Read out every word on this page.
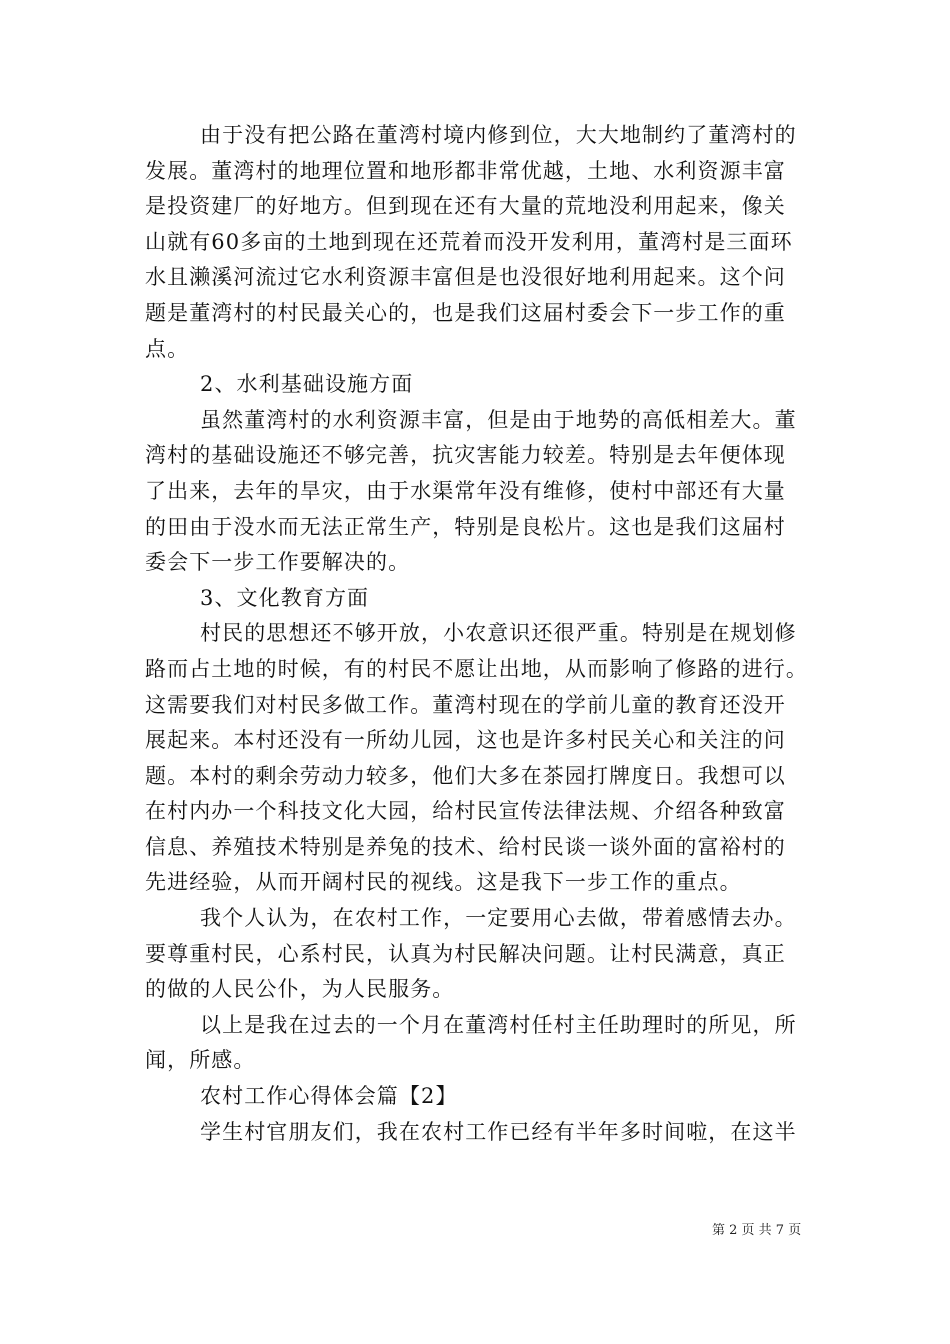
由于没有把公路在董湾村境内修到位，大大地制约了董湾村的
发展。董湾村的地理位置和地形都非常优越，土地、水利资源丰富
是投资建厂的好地方。但到现在还有大量的荒地没利用起来，像关
山就有60多亩的土地到现在还荒着而没开发利用，董湾村是三面环
水且濑溪河流过它水利资源丰富但是也没很好地利用起来。这个问
题是董湾村的村民最关心的，也是我们这届村委会下一步工作的重
点。
2、水利基础设施方面
虽然董湾村的水利资源丰富，但是由于地势的高低相差大。董
湾村的基础设施还不够完善，抗灾害能力较差。特别是去年便体现
了出来，去年的旱灾，由于水渠常年没有维修，使村中部还有大量
的田由于没水而无法正常生产，特别是良松片。这也是我们这届村
委会下一步工作要解决的。
3、文化教育方面
村民的思想还不够开放，小农意识还很严重。特别是在规划修
路而占土地的时候，有的村民不愿让出地，从而影响了修路的进行。
这需要我们对村民多做工作。董湾村现在的学前儿童的教育还没开
展起来。本村还没有一所幼儿园，这也是许多村民关心和关注的问
题。本村的剩余劳动力较多，他们大多在茶园打牌度日。我想可以
在村内办一个科技文化大园，给村民宣传法律法规、介绍各种致富
信息、养殖技术特别是养兔的技术、给村民谈一谈外面的富裕村的
先进经验，从而开阔村民的视线。这是我下一步工作的重点。
我个人认为，在农村工作，一定要用心去做，带着感情去办。
要尊重村民，心系村民，认真为村民解决问题。让村民满意，真正
的做的人民公仆，为人民服务。
以上是我在过去的一个月在董湾村任村主任助理时的所见，所
闻，所感。
农村工作心得体会篇【2】
学生村官朋友们，我在农村工作已经有半年多时间啦，在这半
第 2 页 共 7 页
